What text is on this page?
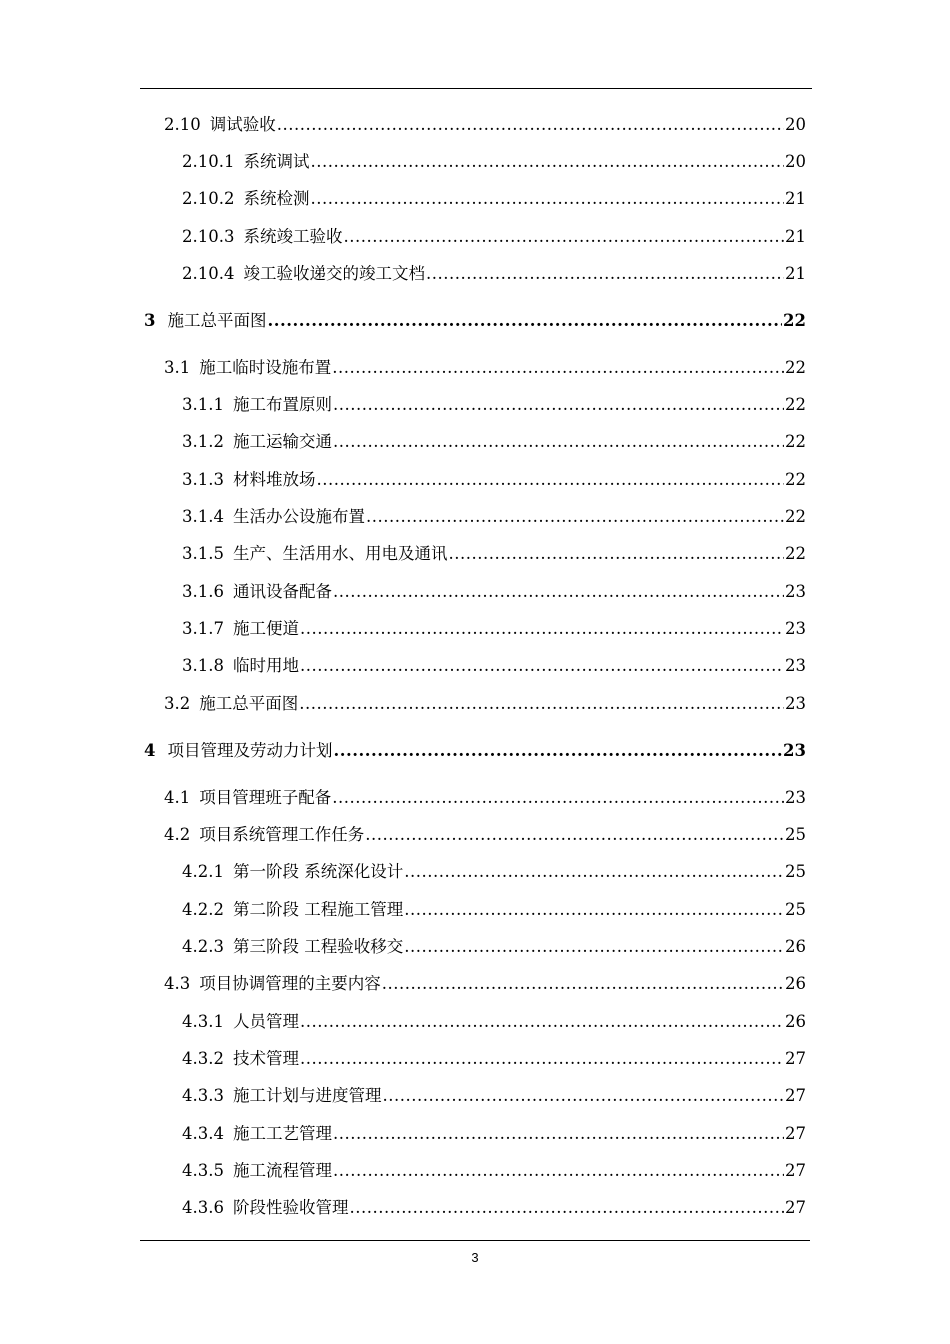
2.10 调试验收 .....	20
2.10.1 系统调试 .....	20
2.10.2 系统检测 .....	21
2.10.3 系统竣工验收 .....	21
2.10.4 竣工验收递交的竣工文档 .....	21
3 施工总平面图 .....	22
3.1 施工临时设施布置 .....	22
3.1.1 施工布置原则 .....	22
3.1.2 施工运输交通 .....	22
3.1.3 材料堆放场 .....	22
3.1.4 生活办公设施布置 .....	22
3.1.5 生产、生活用水、用电及通讯 .....	22
3.1.6 通讯设备配备 .....	23
3.1.7 施工便道 .....	23
3.1.8 临时用地 .....	23
3.2 施工总平面图 .....	23
4 项目管理及劳动力计划 .....	23
4.1 项目管理班子配备 .....	23
4.2 项目系统管理工作任务 .....	25
4.2.1 第一阶段 系统深化设计 .....	25
4.2.2 第二阶段 工程施工管理 .....	25
4.2.3 第三阶段 工程验收移交 .....	26
4.3 项目协调管理的主要内容 .....	26
4.3.1 人员管理 .....	26
4.3.2 技术管理 .....	27
4.3.3 施工计划与进度管理 .....	27
4.3.4 施工工艺管理 .....	27
4.3.5 施工流程管理 .....	27
4.3.6 阶段性验收管理 .....	27
3
